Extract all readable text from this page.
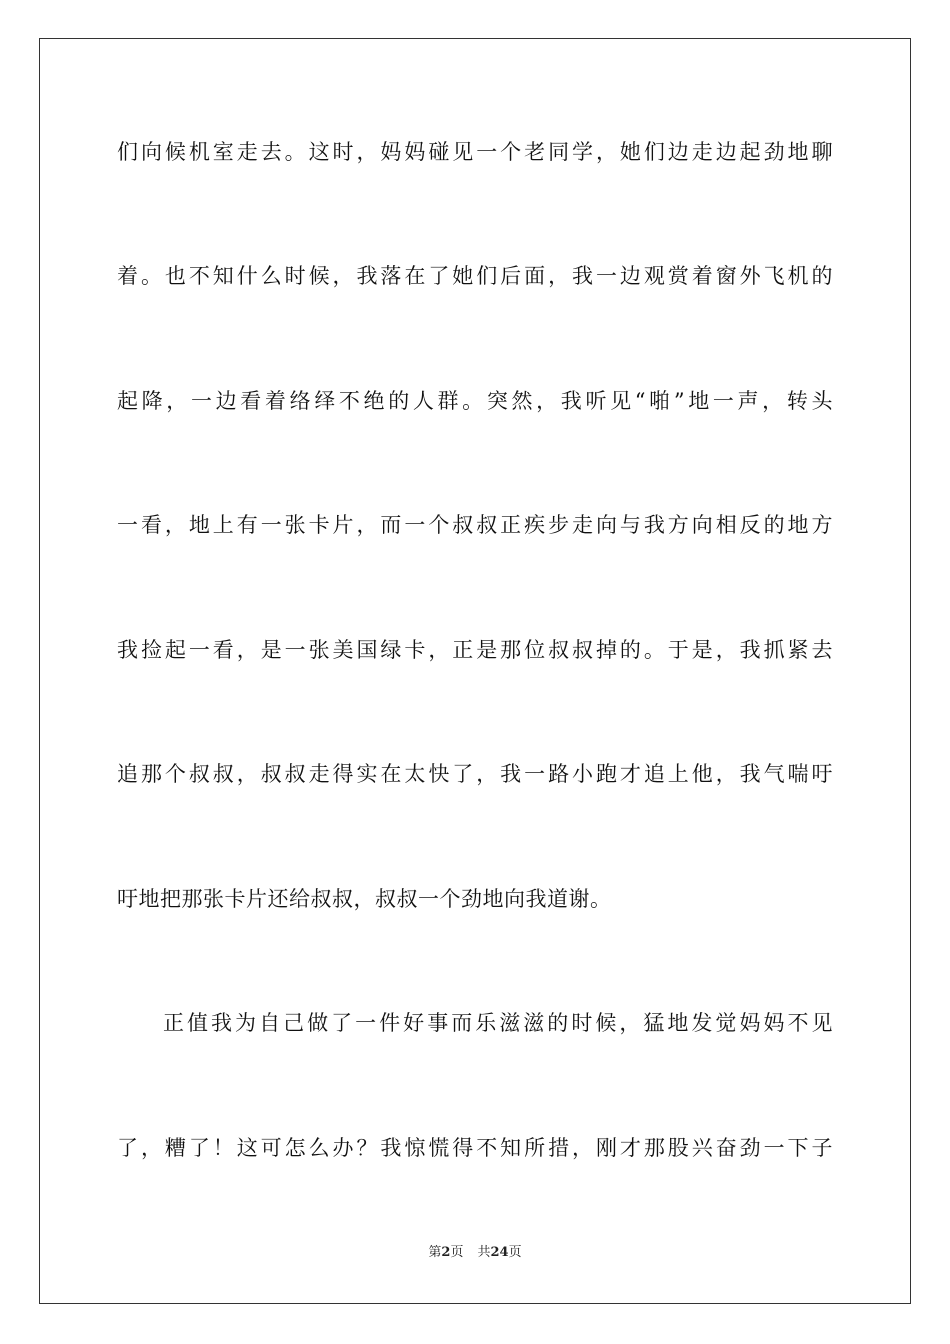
们向候机室走去。这时，妈妈碰见一个老同学，她们边走边起劲地聊
着。也不知什么时候，我落在了她们后面，我一边观赏着窗外飞机的
起降，一边看着络绎不绝的人群。突然，我听见“啪”地一声，转头
一看，地上有一张卡片，而一个叔叔正疾步走向与我方向相反的地方
我捡起一看，是一张美国绿卡，正是那位叔叔掉的。于是，我抓紧去
追那个叔叔，叔叔走得实在太快了，我一路小跑才追上他，我气喘吁
吁地把那张卡片还给叔叔，叔叔一个劲地向我道谢。
正值我为自己做了一件好事而乐滋滋的时候，猛地发觉妈妈不见
了，糟了！这可怎么办？我惊慌得不知所措，刚才那股兴奋劲一下子
第2页 共24页
